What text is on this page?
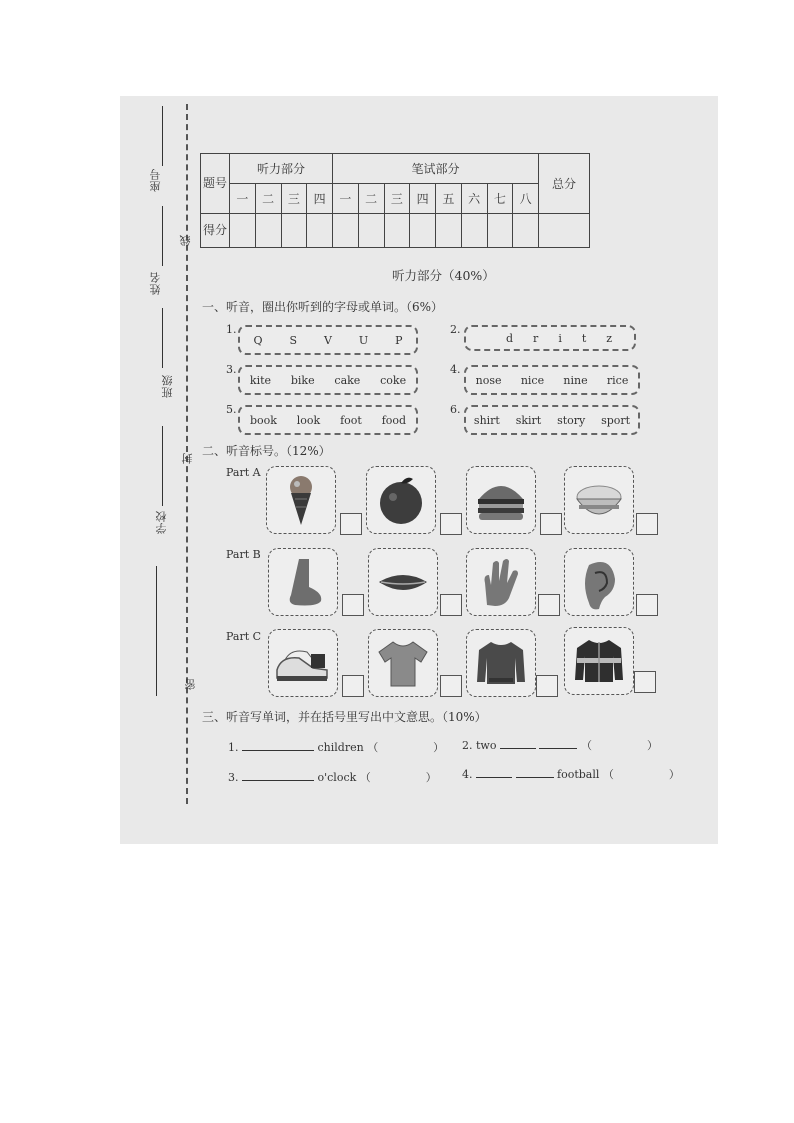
座号
姓名
班级
学校
线
封
密
题号	听力部分				笔试部分								总分
	一	二	三	四	一	二	三	四	五	六	七	八	
得分													
听力部分（40%）
一、听音，圈出你听到的字母或单词。（6%）
1.
Q S V U P
2.
d r i t z
3.
kite bike cake coke
4.
nose nice nine rice
5.
book look foot food
6.
shirt skirt story sport
二、听音标号。（12%）
Part A
Part B
Part C
三、听音写单词，并在括号里写出中文意思。（10%）
1.	children （　　　　　） 2. two	（　　　　　）
3.	o'clock （　　　　　） 4.	football （　　　　　）
